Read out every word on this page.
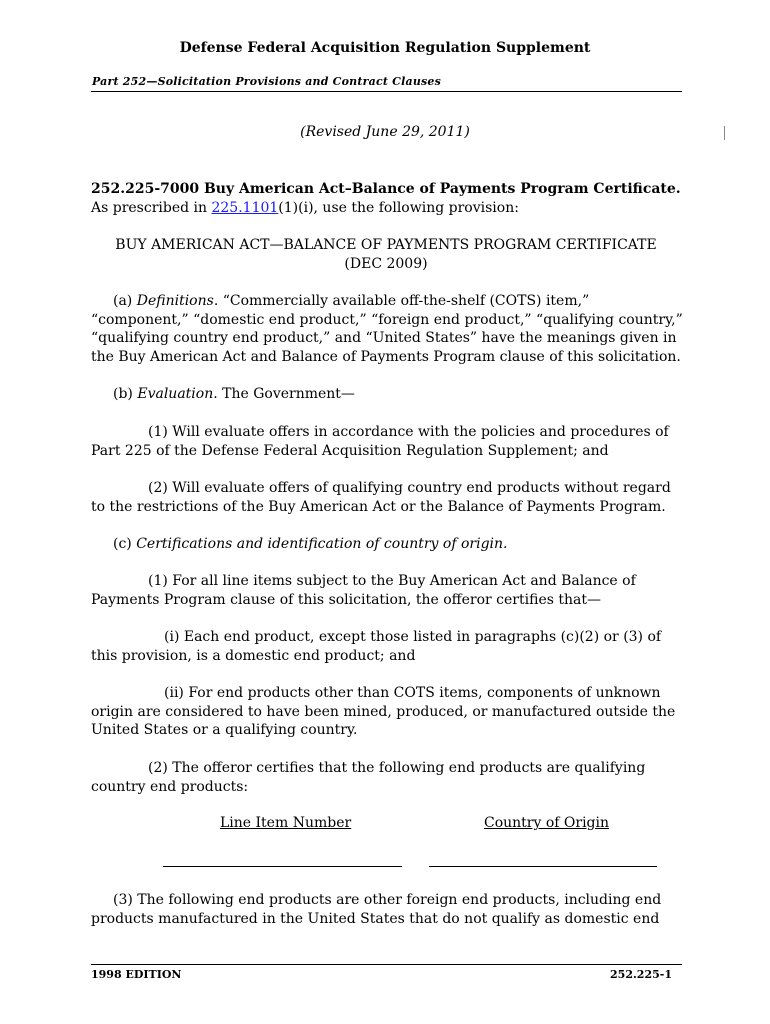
Defense Federal Acquisition Regulation Supplement
Part 252—Solicitation Provisions and Contract Clauses
(Revised June 29, 2011)
252.225-7000 Buy American Act–Balance of Payments Program Certificate.
As prescribed in 225.1101(1)(i), use the following provision:
BUY AMERICAN ACT—BALANCE OF PAYMENTS PROGRAM CERTIFICATE
(DEC 2009)
(a) Definitions. “Commercially available off-the-shelf (COTS) item,” “component,” “domestic end product,” “foreign end product,” “qualifying country,” “qualifying country end product,” and “United States” have the meanings given in the Buy American Act and Balance of Payments Program clause of this solicitation.
(b) Evaluation. The Government—
(1) Will evaluate offers in accordance with the policies and procedures of Part 225 of the Defense Federal Acquisition Regulation Supplement; and
(2) Will evaluate offers of qualifying country end products without regard to the restrictions of the Buy American Act or the Balance of Payments Program.
(c) Certifications and identification of country of origin.
(1) For all line items subject to the Buy American Act and Balance of Payments Program clause of this solicitation, the offeror certifies that—
(i) Each end product, except those listed in paragraphs (c)(2) or (3) of this provision, is a domestic end product; and
(ii) For end products other than COTS items, components of unknown origin are considered to have been mined, produced, or manufactured outside the United States or a qualifying country.
(2) The offeror certifies that the following end products are qualifying country end products:
Line Item Number	Country of Origin
(3) The following end products are other foreign end products, including end products manufactured in the United States that do not qualify as domestic end
1998 EDITION	252.225-1
